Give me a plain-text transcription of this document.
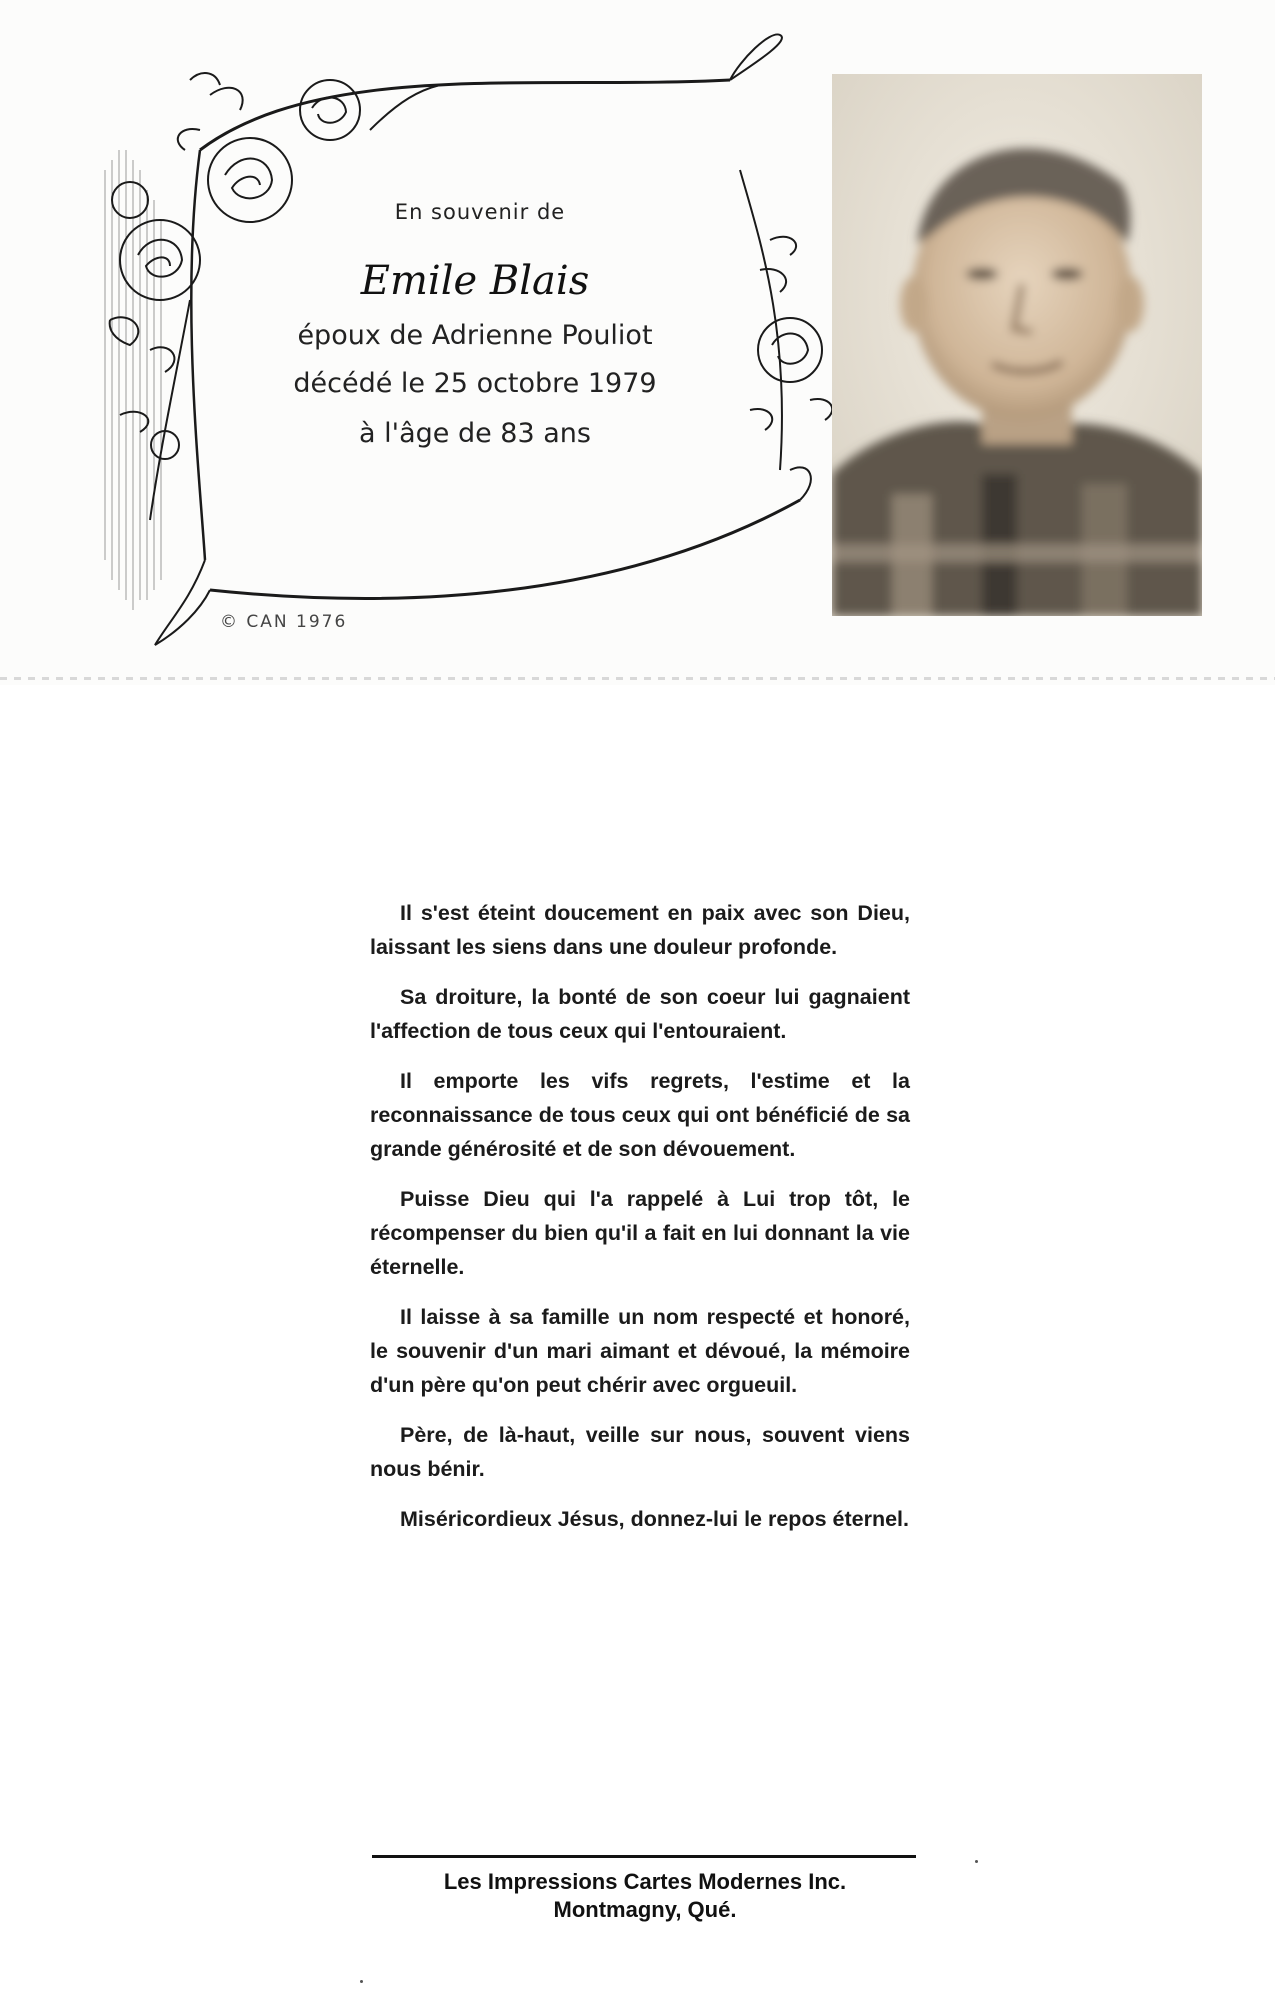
En souvenir de
Emile Blais
époux de Adrienne Pouliot
décédé le 25 octobre 1979
à l'âge de 83 ans
© CAN 1976

Il s'est éteint doucement en paix avec son Dieu, laissant les siens dans une douleur profonde.

Sa droiture, la bonté de son coeur lui gagnaient l'affection de tous ceux qui l'entouraient.

Il emporte les vifs regrets, l'estime et la reconnaissance de tous ceux qui ont bénéficié de sa grande générosité et de son dévouement.

Puisse Dieu qui l'a rappelé à Lui trop tôt, le récompenser du bien qu'il a fait en lui donnant la vie éternelle.

Il laisse à sa famille un nom respecté et honoré, le souvenir d'un mari aimant et dévoué, la mémoire d'un père qu'on peut chérir avec orgueuil.

Père, de là-haut, veille sur nous, souvent viens nous bénir.

Miséricordieux Jésus, donnez-lui le repos éternel.

Les Impressions Cartes Modernes Inc.
Montmagny, Qué.
